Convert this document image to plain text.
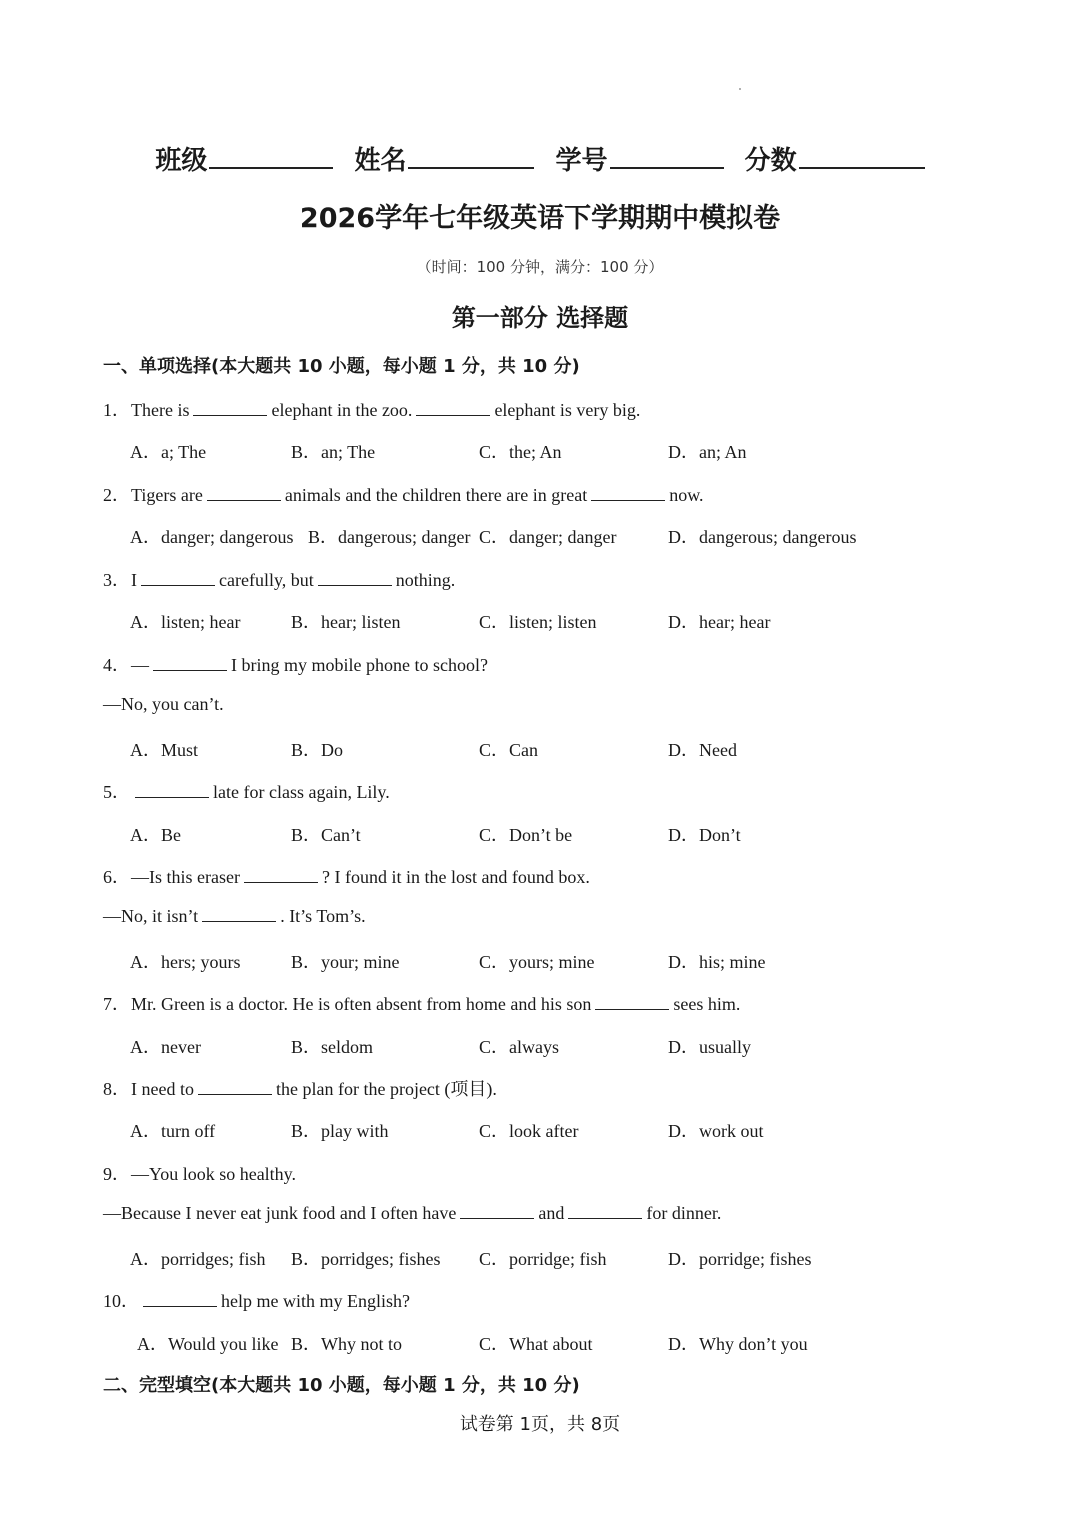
班级	姓名	学号	分数
2026学年七年级英语下学期期中模拟卷
（时间：100 分钟，满分：100 分）
第一部分 选择题
一、单项选择(本大题共 10 小题，每小题 1 分，共 10 分)
1．There is	elephant in the zoo.	elephant is very big.
A．a; The	B．an; The	C．the; An	D．an; An
2．Tigers are	animals and the children there are in great	now.
A．danger; dangerous B．dangerous; danger C．danger; danger	D．dangerous; dangerous
3．I	carefully, but	nothing.
A．listen; hear	B．hear; listen	C．listen; listen	D．hear; hear
4．—	I bring my mobile phone to school?
—No, you can’t.
A．Must	B．Do	C．Can	D．Need
5．	late for class again, Lily.
A．Be	B．Can’t	C．Don’t be	D．Don’t
6．—Is this eraser	? I found it in the lost and found box.
—No, it isn’t	. It’s Tom’s.
A．hers; yours	B．your; mine	C．yours; mine	D．his; mine
7．Mr. Green is a doctor. He is often absent from home and his son	sees him.
A．never	B．seldom	C．always	D．usually
8．I need to	the plan for the project (项目).
A．turn off	B．play with	C．look after	D．work out
9．—You look so healthy.
—Because I never eat junk food and I often have	and	for dinner.
A．porridges; fish B．porridges; fishes C．porridge; fish	D．porridge; fishes
10．	help me with my English?
A．Would you like B．Why not to	C．What about	D．Why don’t you
二、完型填空(本大题共 10 小题，每小题 1 分，共 10 分)
试卷第 1页，共 8页
